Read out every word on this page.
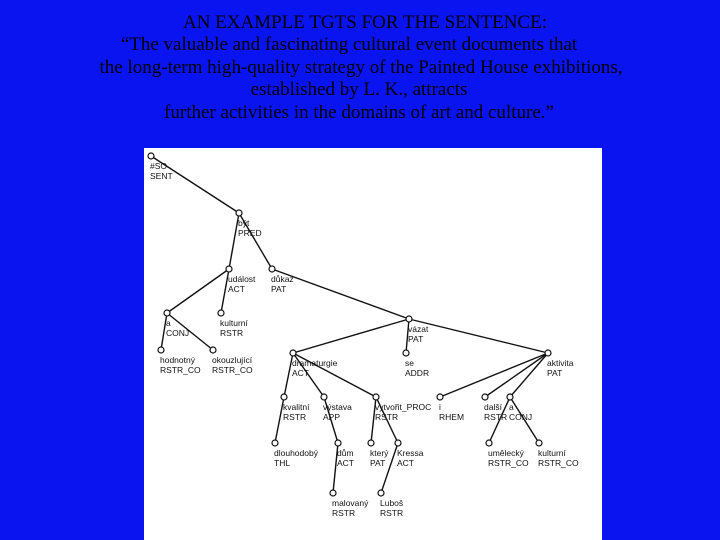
AN EXAMPLE TGTS FOR THE SENTENCE:
“The valuable and fascinating cultural event documents that
the long-term high-quality strategy of the Painted House exhibitions,
established by L. K., attracts
further activities in the domains of art and culture.”
#SO
SENT
být
PRED
událost
ACT
důkaz
PAT
a
CONJ
kulturní
RSTR
hodnotný
RSTR_CO
okouzlující
RSTR_CO
vázat
PAT
dramaturgie
ACT
se
ADDR
aktivita
PAT
kvalitní
RSTR
výstava
APP
vytvořit_PROC
RSTR
i
RHEM
další
RSTR
a
CONJ
dlouhodobý
THL
dům
ACT
který
PAT
Kressa
ACT
umělecký
RSTR_CO
kulturní
RSTR_CO
malovaný
RSTR
Luboš
RSTR
